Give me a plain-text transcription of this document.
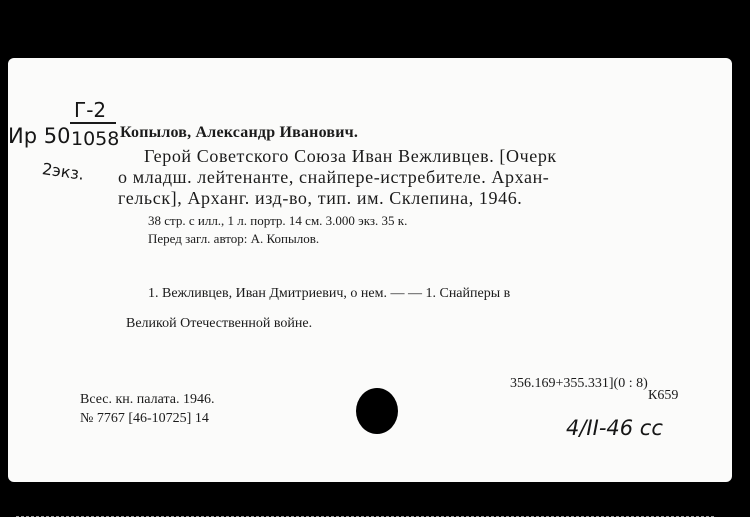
Г-2
Ир 50 1058
2экз.
Копылов, Александр Иванович.
Герой Советского Союза Иван Вежливцев. [Очерк
о младш. лейтенанте, снайпере-истребителе. Архан-
гельск], Арханг. изд-во, тип. им. Склепина, 1946.
38 стр. с илл., 1 л. портр. 14 см. 3.000 экз. 35 к.
Перед загл. автор: А. Копылов.
1. Вежливцев, Иван Дмитриевич, о нем. — — 1. Снайперы в
Великой Отечественной войне.
Всес. кн. палата. 1946.
№ 7767 [46-10725] 14
356.169+355.331](0 : 8)
К659
4/II-46 сс
